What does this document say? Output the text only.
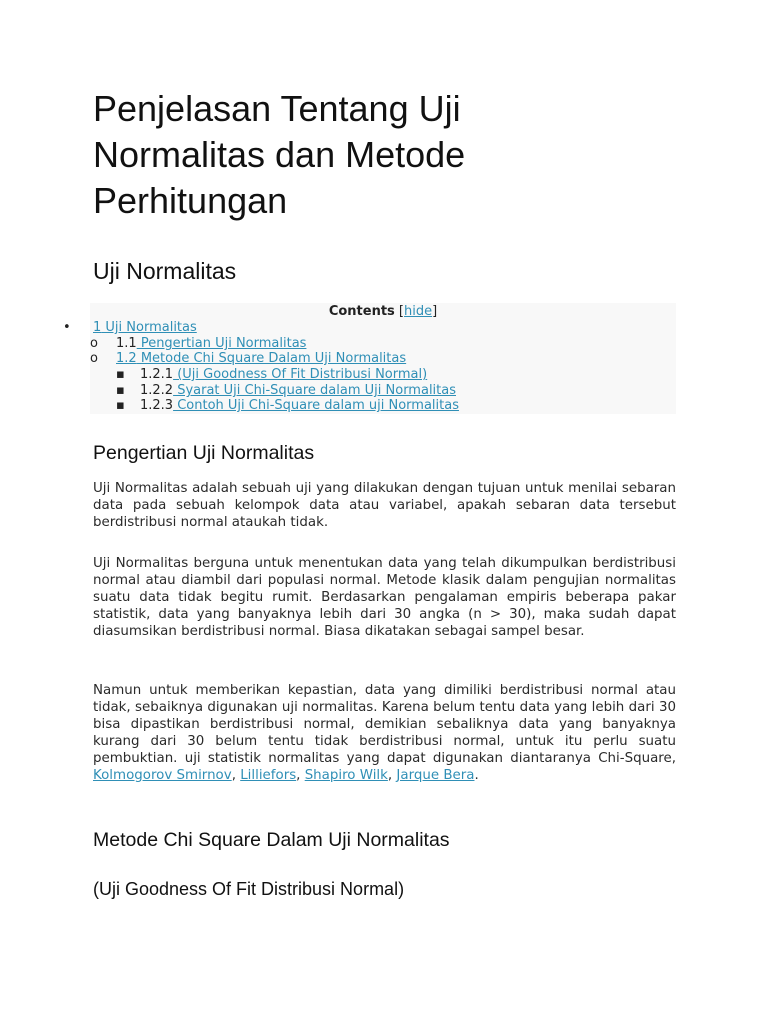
Penjelasan Tentang Uji Normalitas dan Metode Perhitungan
Uji Normalitas
Contents [hide]
• 1 Uji Normalitas
o 1.1 Pengertian Uji Normalitas
o 1.2 Metode Chi Square Dalam Uji Normalitas
▪ 1.2.1 (Uji Goodness Of Fit Distribusi Normal)
▪ 1.2.2 Syarat Uji Chi-Square dalam Uji Normalitas
▪ 1.2.3 Contoh Uji Chi-Square dalam uji Normalitas
Pengertian Uji Normalitas

Uji Normalitas adalah sebuah uji yang dilakukan dengan tujuan untuk menilai sebaran data pada sebuah kelompok data atau variabel, apakah sebaran data tersebut berdistribusi normal ataukah tidak.

Uji Normalitas berguna untuk menentukan data yang telah dikumpulkan berdistribusi normal atau diambil dari populasi normal. Metode klasik dalam pengujian normalitas suatu data tidak begitu rumit. Berdasarkan pengalaman empiris beberapa pakar statistik, data yang banyaknya lebih dari 30 angka (n > 30), maka sudah dapat diasumsikan berdistribusi normal. Biasa dikatakan sebagai sampel besar.

Namun untuk memberikan kepastian, data yang dimiliki berdistribusi normal atau tidak, sebaiknya digunakan uji normalitas. Karena belum tentu data yang lebih dari 30 bisa dipastikan berdistribusi normal, demikian sebaliknya data yang banyaknya kurang dari 30 belum tentu tidak berdistribusi normal, untuk itu perlu suatu pembuktian. uji statistik normalitas yang dapat digunakan diantaranya Chi-Square, Kolmogorov Smirnov, Lilliefors, Shapiro Wilk, Jarque Bera.

Metode Chi Square Dalam Uji Normalitas
(Uji Goodness Of Fit Distribusi Normal)
